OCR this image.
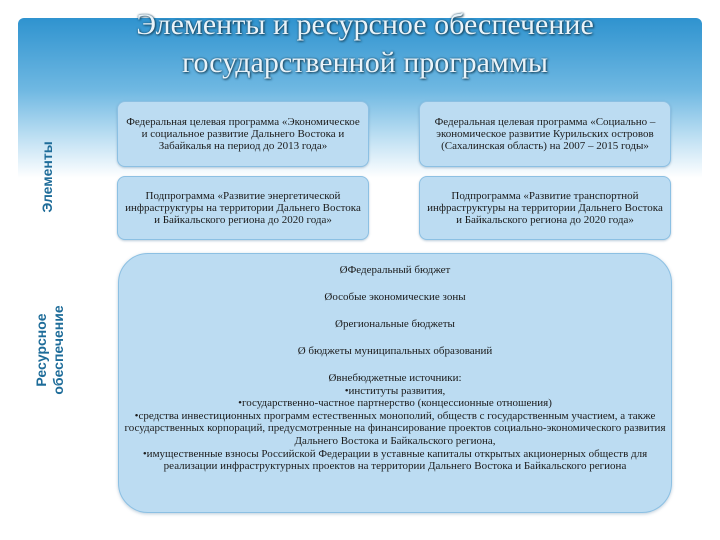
Элементы и ресурсное обеспечение
государственной программы
Элементы
Ресурсное обеспечение
Федеральная целевая программа «Экономическое и социальное развитие Дальнего Востока и Забайкалья на период до 2013 года»
Федеральная целевая программа «Социально – экономическое развитие Курильских островов (Сахалинская область) на 2007 – 2015 годы»
Подпрограмма «Развитие энергетической инфраструктуры на территории Дальнего Востока и Байкальского региона до 2020 года»
Подпрограмма «Развитие транспортной инфраструктуры на территории Дальнего Востока и Байкальского региона до 2020 года»
ØФедеральный бюджет
Øособые экономические зоны
Øрегиональные бюджеты
Ø бюджеты муниципальных образований
Øвнебюджетные источники:
•институты развития,
•государственно-частное партнерство (концессионные отношения)
•средства инвестиционных программ естественных монополий, обществ с государственным участием, а также государственных корпораций, предусмотренные на финансирование проектов социально-экономического развития Дальнего Востока и Байкальского региона,
•имущественные взносы Российской Федерации в уставные капиталы открытых акционерных обществ для реализации инфраструктурных проектов на территории Дальнего Востока и Байкальского региона
